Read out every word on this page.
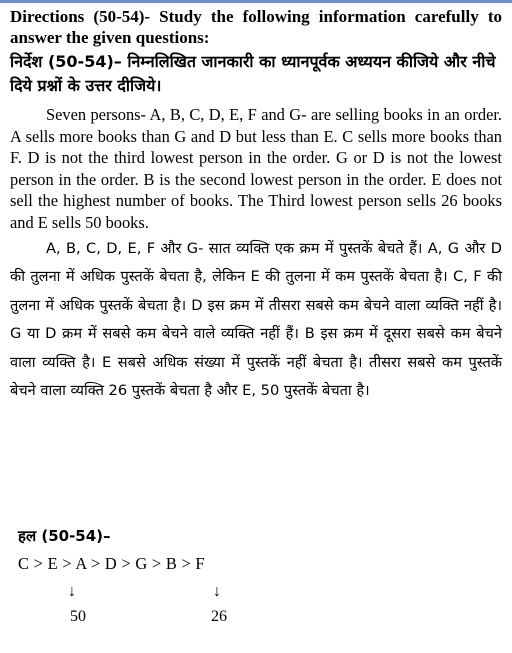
Directions (50-54)- Study the following information carefully to answer the given questions:
निर्देश (50-54)– निम्नलिखित जानकारी का ध्यानपूर्वक अध्ययन कीजिये और नीचे दिये प्रश्नों के उत्तर दीजिये।
Seven persons- A, B, C, D, E, F and G- are selling books in an order. A sells more books than G and D but less than E. C sells more books than F. D is not the third lowest person in the order. G or D is not the lowest person in the order. B is the second lowest person in the order. E does not sell the highest number of books. The Third lowest person sells 26 books and E sells 50 books.
A, B, C, D, E, F और G- सात व्यक्ति एक क्रम में पुस्तकें बेचते हैं। A, G और D की तुलना में अधिक पुस्तकें बेचता है, लेकिन E की तुलना में कम पुस्तकें बेचता है। C, F की तुलना में अधिक पुस्तकें बेचता है। D इस क्रम में तीसरा सबसे कम बेचने वाला व्यक्ति नहीं है। G या D क्रम में सबसे कम बेचने वाले व्यक्ति नहीं हैं। B इस क्रम में दूसरा सबसे कम बेचने वाला व्यक्ति है। E सबसे अधिक संख्या में पुस्तकें नहीं बेचता है। तीसरा सबसे कम पुस्तकें बेचने वाला व्यक्ति 26 पुस्तकें बेचता है और E, 50 पुस्तकें बेचता है।
हल (50-54)–
C > E > A > D > G > B > F
↓	↓
50	26
